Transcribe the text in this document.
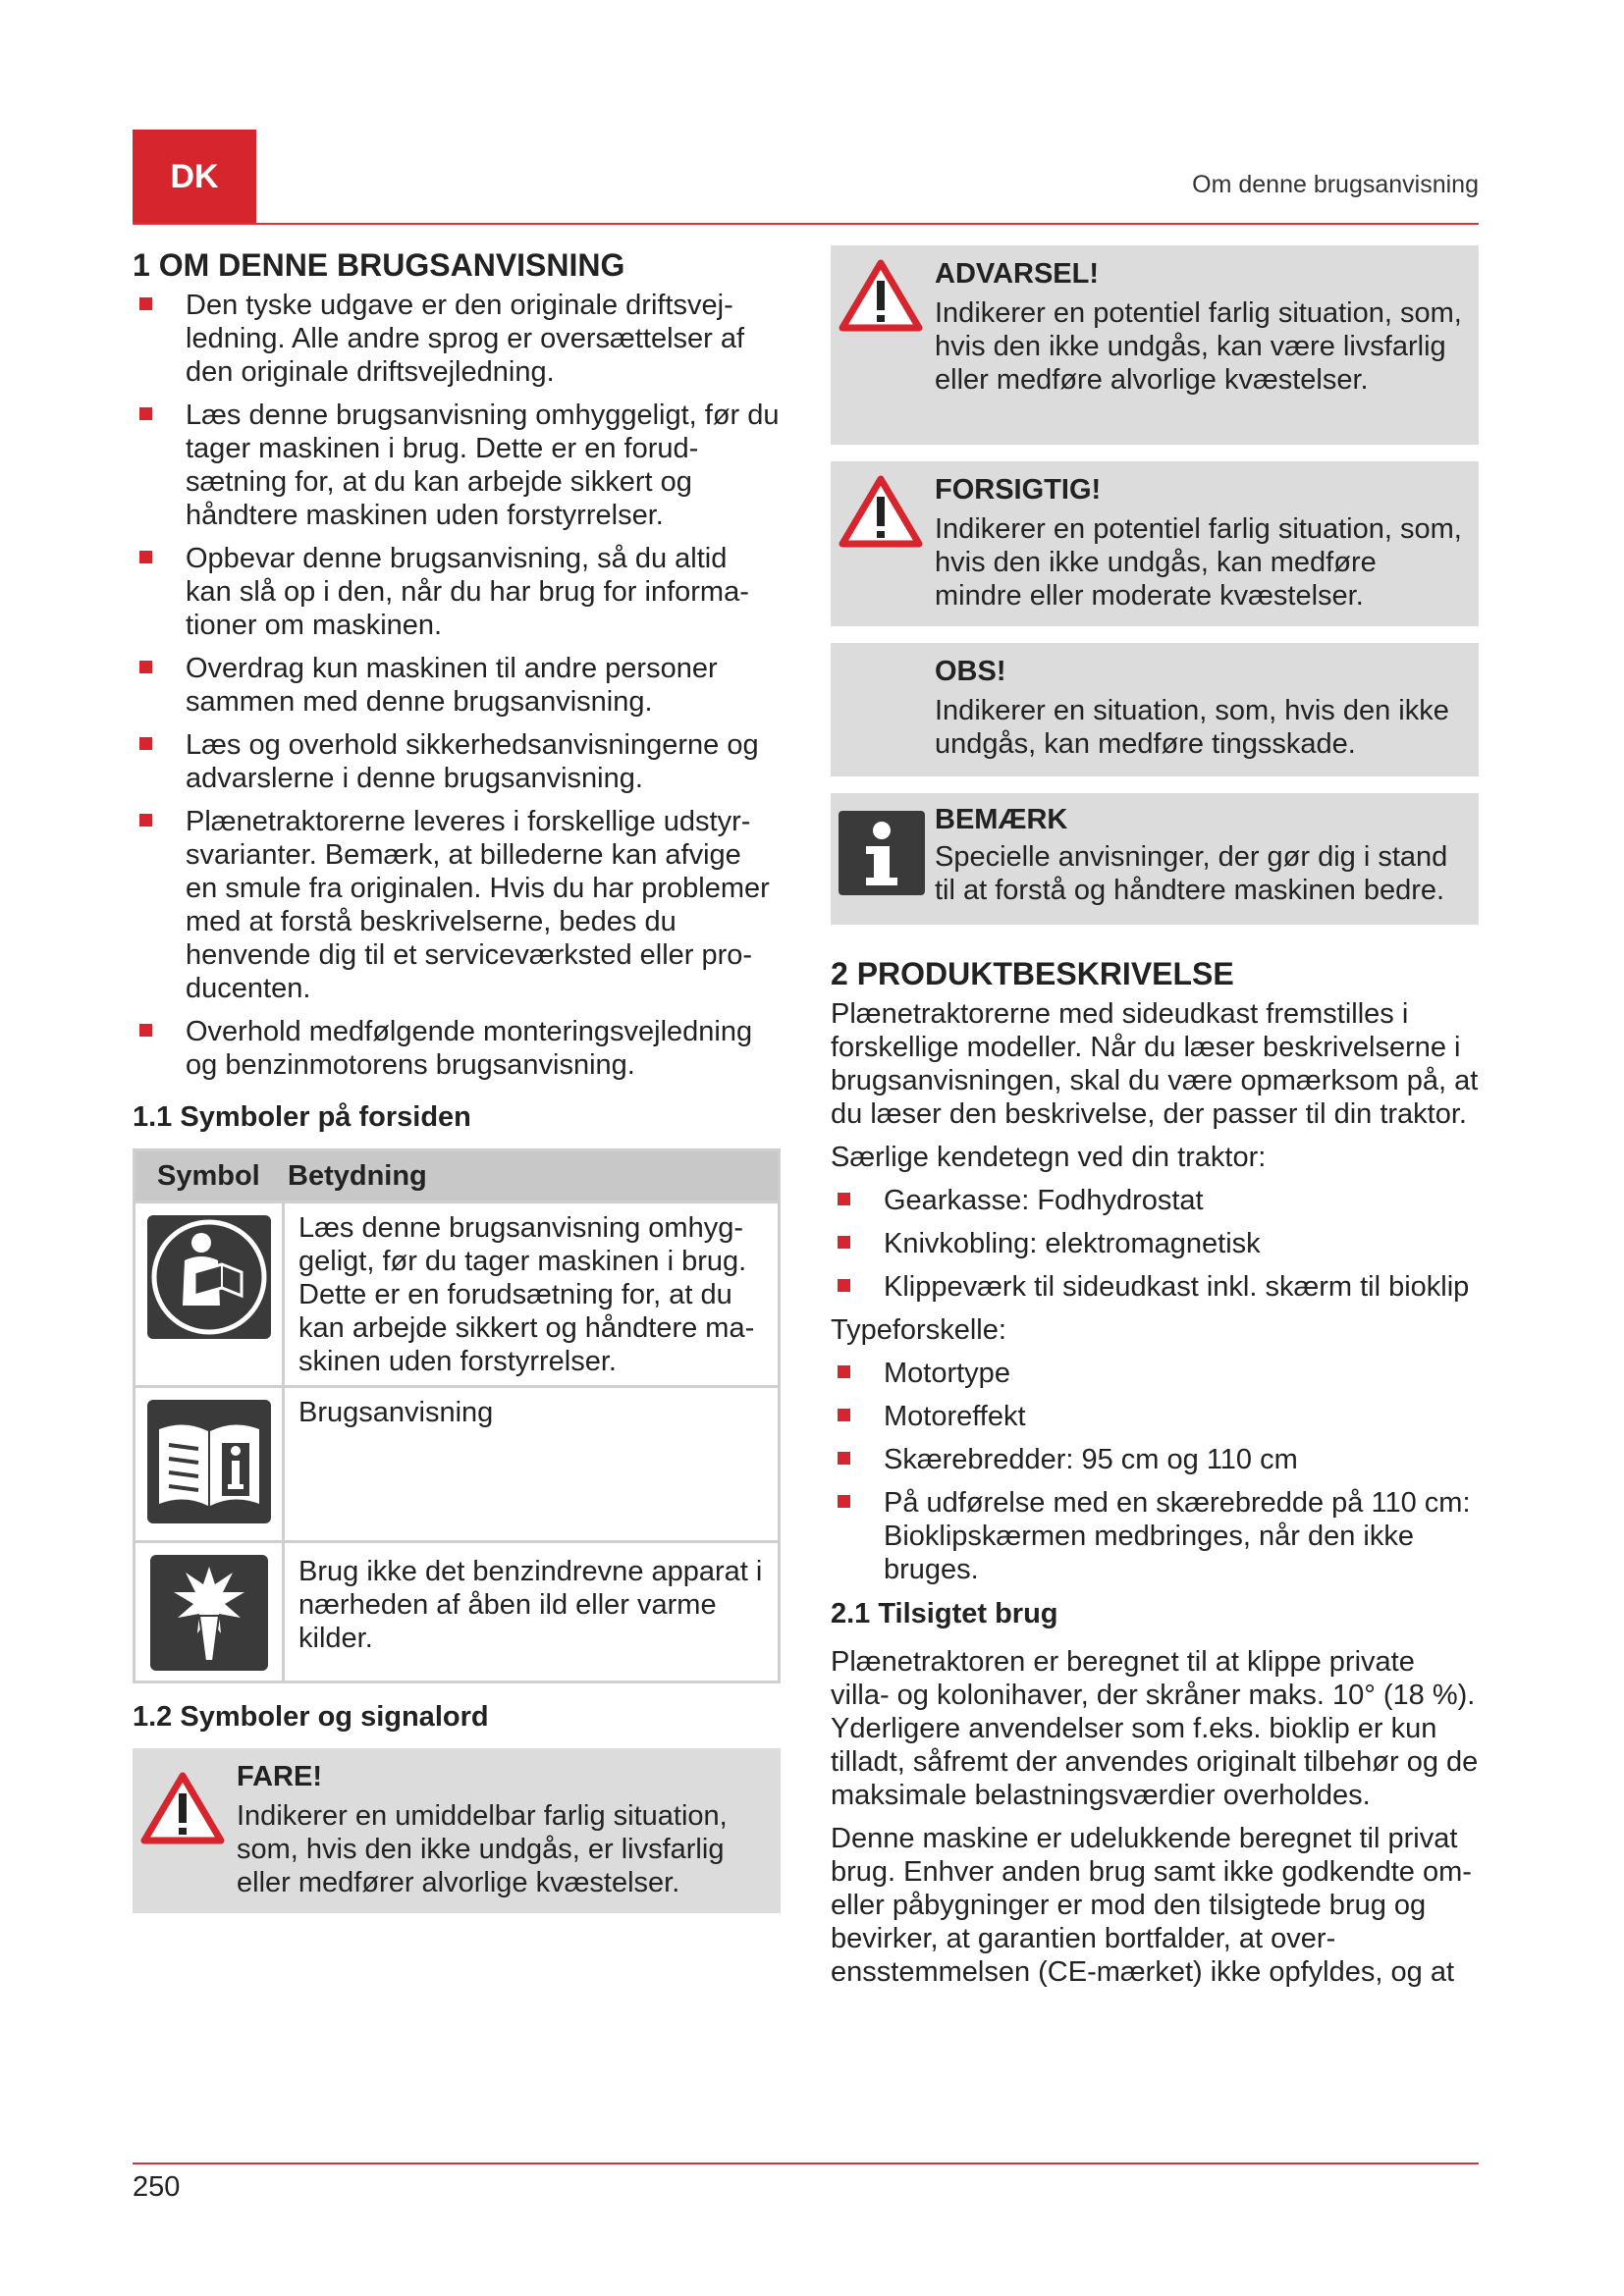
DK	Om denne brugsanvisning
1 OM DENNE BRUGSANVISNING
Den tyske udgave er den originale driftsvejledning. Alle andre sprog er oversættelser af den originale driftsvejledning.
Læs denne brugsanvisning omhyggeligt, før du tager maskinen i brug. Dette er en forudsætning for, at du kan arbejde sikkert og håndtere maskinen uden forstyrrelser.
Opbevar denne brugsanvisning, så du altid kan slå op i den, når du har brug for informationer om maskinen.
Overdrag kun maskinen til andre personer sammen med denne brugsanvisning.
Læs og overhold sikkerhedsanvisningerne og advarslerne i denne brugsanvisning.
Plænetraktorerne leveres i forskellige udstyrsvarianter. Bemærk, at billederne kan afvige en smule fra originalen. Hvis du har problemer med at forstå beskrivelserne, bedes du henvende dig til et serviceværksted eller producenten.
Overhold medfølgende monteringsvejledning og benzinmotorens brugsanvisning.
1.1 Symboler på forsiden
Symbol Betydning
Læs denne brugsanvisning omhyggeligt, før du tager maskinen i brug. Dette er en forudsætning for, at du kan arbejde sikkert og håndtere maskinen uden forstyrrelser.
Brugsanvisning
Brug ikke det benzindrevne apparat i nærheden af åben ild eller varme kilder.
1.2 Symboler og signalord
FARE!
Indikerer en umiddelbar farlig situation, som, hvis den ikke undgås, er livsfarlig eller medfører alvorlige kvæstelser.
ADVARSEL!
Indikerer en potentiel farlig situation, som, hvis den ikke undgås, kan være livsfarlig eller medføre alvorlige kvæstelser.
FORSIGTIG!
Indikerer en potentiel farlig situation, som, hvis den ikke undgås, kan medføre mindre eller moderate kvæstelser.
OBS!
Indikerer en situation, som, hvis den ikke undgås, kan medføre tingsskade.
BEMÆRK
Specielle anvisninger, der gør dig i stand til at forstå og håndtere maskinen bedre.
2 PRODUKTBESKRIVELSE

Plænetraktorerne med sideudkast fremstilles i forskellige modeller. Når du læser beskrivelserne i brugsanvisningen, skal du være opmærksom på, at du læser den beskrivelse, der passer til din traktor.

Særlige kendetegn ved din traktor:

Gearkasse: Fodhydrostat
Knivkobling: elektromagnetisk
Klippeværk til sideudkast inkl. skærm til bioklip

Typeforskelle:

Motortype
Motoreffekt
Skærebredder: 95 cm og 110 cm
På udførelse med en skærebredde på 110 cm: Bioklipskærmen medbringes, når den ikke bruges.
2.1 Tilsigtet brug

Plænetraktoren er beregnet til at klippe private villa- og kolonihaver, der skråner maks. 10° (18 %). Yderligere anvendelser som f.eks. bioklip er kun tilladt, såfremt der anvendes originalt tilbehør og de maksimale belastningsværdier overholdes.

Denne maskine er udelukkende beregnet til privat brug. Enhver anden brug samt ikke godkendte om- eller påbygninger er mod den tilsigtede brug og bevirker, at garantien bortfalder, at overensstemmelsen (CE-mærket) ikke opfyldes, og at

250
